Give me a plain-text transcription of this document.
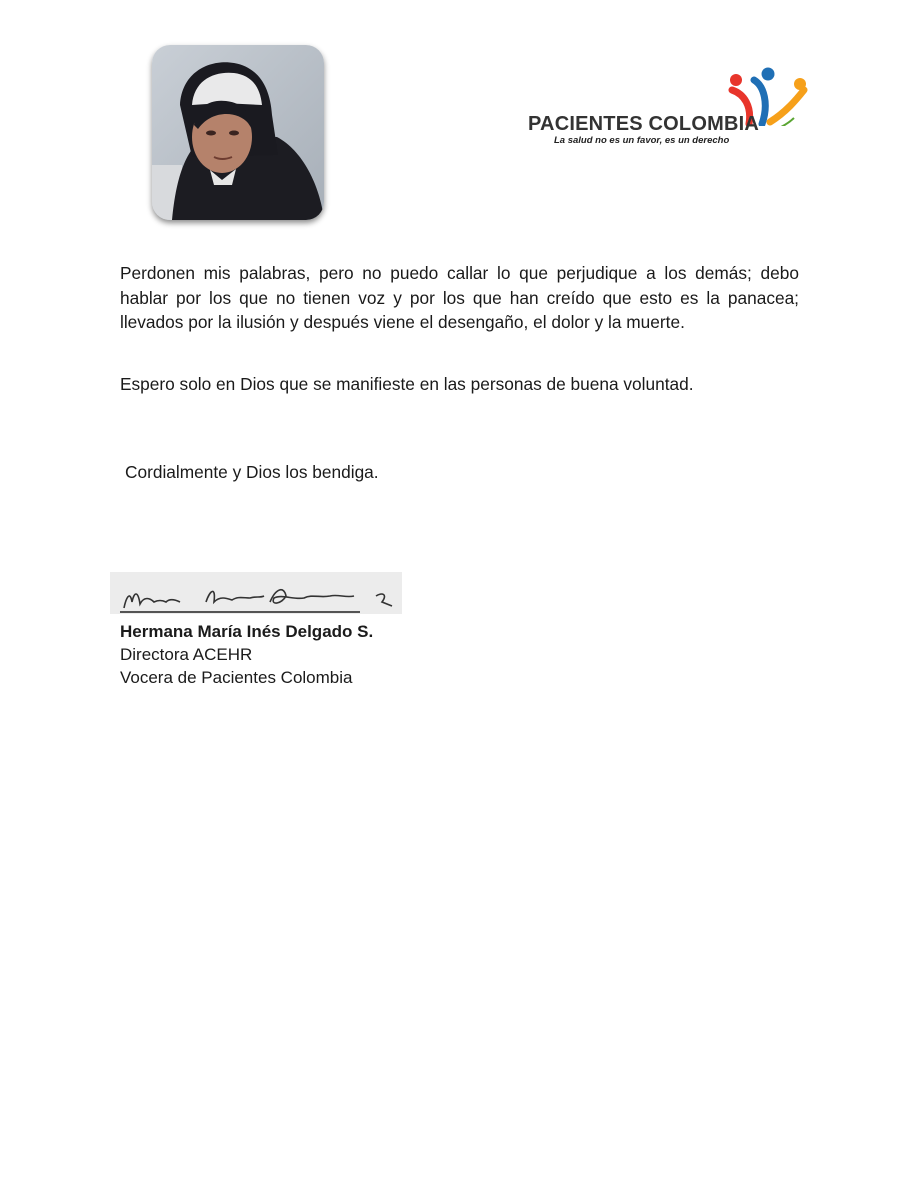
PACIENTES COLOMBIA
La salud no es un favor, es un derecho

Perdonen mis palabras, pero no puedo callar lo que perjudique a los demás; debo hablar por los que no tienen voz y por los que han creído que esto es la panacea; llevados por la ilusión y después viene el desengaño, el dolor y la muerte.

Espero solo en Dios que se manifieste en las personas de buena voluntad.

Cordialmente y Dios los bendiga.

Hermana María Inés Delgado S.
Directora ACEHR
Vocera de Pacientes Colombia
